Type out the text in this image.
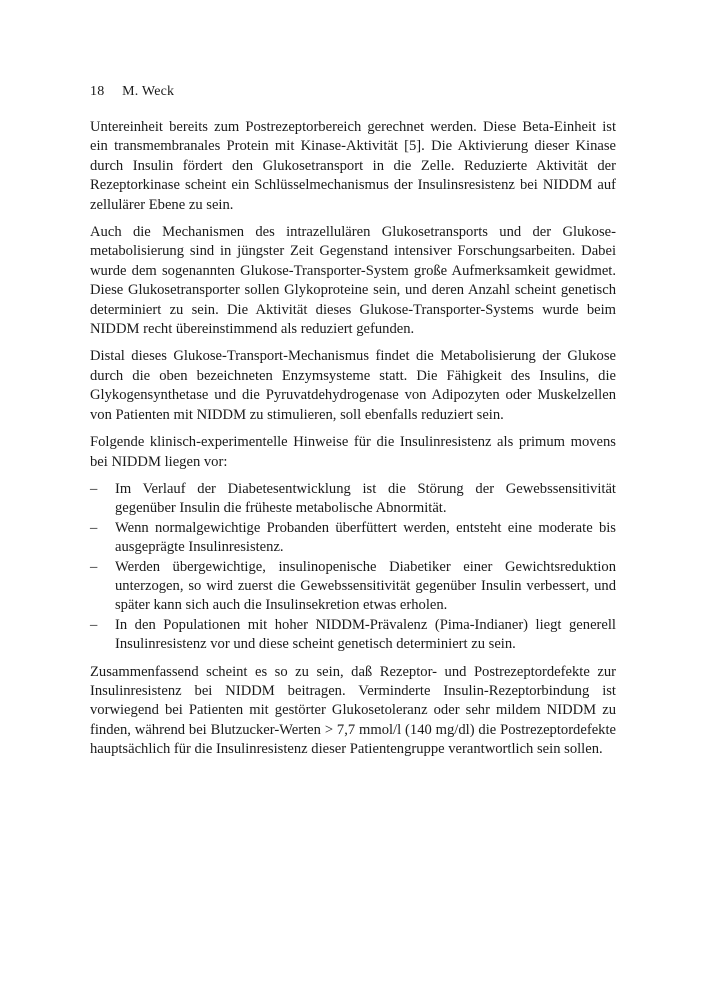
18 M. Weck

Untereinheit bereits zum Postrezeptorbereich gerechnet werden. Diese Beta-Einheit ist ein transmembranales Protein mit Kinase-Aktivität [5]. Die Aktivierung dieser Kinase durch Insulin fördert den Glukosetransport in die Zelle. Reduzierte Aktivität der Rezeptorkinase scheint ein Schlüsselmechanismus der Insulinsresistenz bei NIDDM auf zellulärer Ebene zu sein.

Auch die Mechanismen des intrazellulären Glukosetransports und der Glukosemetabolisierung sind in jüngster Zeit Gegenstand intensiver Forschungsarbeiten. Dabei wurde dem sogenannten Glukose-Transporter-System große Aufmerksamkeit gewidmet. Diese Glukosetransporter sollen Glykoproteine sein, und deren Anzahl scheint genetisch determiniert zu sein. Die Aktivität dieses Glukose-Transporter-Systems wurde beim NIDDM recht übereinstimmend als reduziert gefunden.

Distal dieses Glukose-Transport-Mechanismus findet die Metabolisierung der Glukose durch die oben bezeichneten Enzymsysteme statt. Die Fähigkeit des Insulins, die Glykogensynthetase und die Pyruvatdehydrogenase von Adipozyten oder Muskelzellen von Patienten mit NIDDM zu stimulieren, soll ebenfalls reduziert sein.

Folgende klinisch-experimentelle Hinweise für die Insulinresistenz als primum movens bei NIDDM liegen vor:

– Im Verlauf der Diabetesentwicklung ist die Störung der Gewebssensitivität gegenüber Insulin die früheste metabolische Abnormität.
– Wenn normalgewichtige Probanden überfüttert werden, entsteht eine moderate bis ausgeprägte Insulinresistenz.
– Werden übergewichtige, insulinopenische Diabetiker einer Gewichtsreduktion unterzogen, so wird zuerst die Gewebssensitivität gegenüber Insulin verbessert, und später kann sich auch die Insulinsekretion etwas erholen.
– In den Populationen mit hoher NIDDM-Prävalenz (Pima-Indianer) liegt generell Insulinresistenz vor und diese scheint genetisch determiniert zu sein.

Zusammenfassend scheint es so zu sein, daß Rezeptor- und Postrezeptordefekte zur Insulinresistenz bei NIDDM beitragen. Verminderte Insulin-Rezeptorbindung ist vorwiegend bei Patienten mit gestörter Glukosetoleranz oder sehr mildem NIDDM zu finden, während bei Blutzucker-Werten > 7,7 mmol/l (140 mg/dl) die Postrezeptordefekte hauptsächlich für die Insulinresistenz dieser Patientengruppe verantwortlich sein sollen.
